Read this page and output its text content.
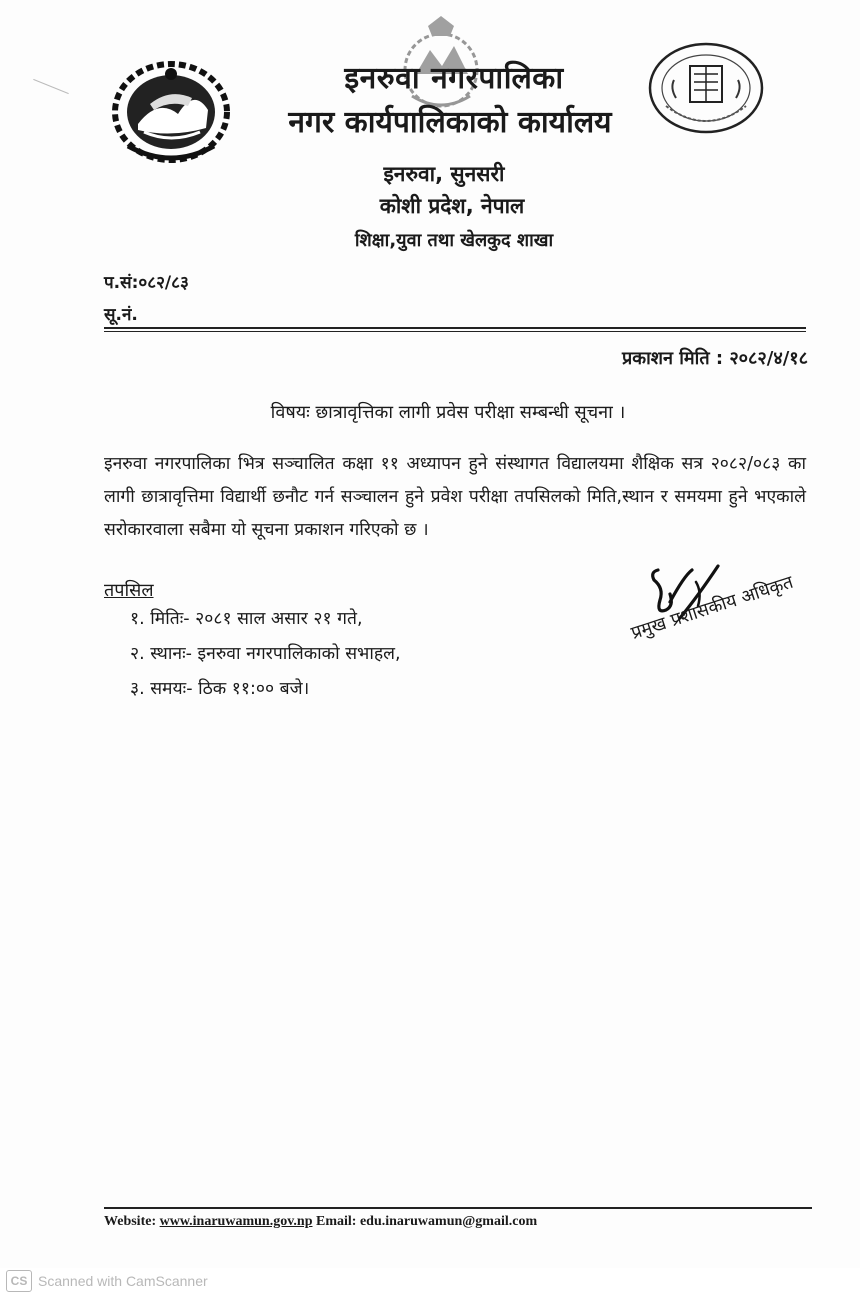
इनरुवा नगरपालिका
नगर कार्यपालिकाको कार्यालय
इनरुवा, सुनसरी
कोशी प्रदेश, नेपाल
शिक्षा,युवा तथा खेलकुद शाखा
प.सं:०८२/८३
सू.नं.
प्रकाशन मिति : २०८२/४/१८
विषयः छात्रावृत्तिका लागी प्रवेस परीक्षा सम्बन्धी सूचना ।
इनरुवा नगरपालिका भित्र सञ्चालित कक्षा ११ अध्यापन हुने संस्थागत विद्यालयमा शैक्षिक सत्र २०८२/०८३ का लागी छात्रावृत्तिमा विद्यार्थी छनौट गर्न सञ्चालन हुने प्रवेश परीक्षा तपसिलको मिति,स्थान र समयमा हुने भएकाले सरोकारवाला सबैमा यो सूचना प्रकाशन गरिएको छ ।
तपसिल
१. मितिः- २०८१ साल असार २१ गते,
२. स्थानः- इनरुवा नगरपालिकाको सभाहल,
३. समयः- ठिक ११:०० बजे।
प्रमुख प्रशासकीय अधिकृत
Website: www.inaruwamun.gov.np Email: edu.inaruwamun@gmail.com
CS Scanned with CamScanner
